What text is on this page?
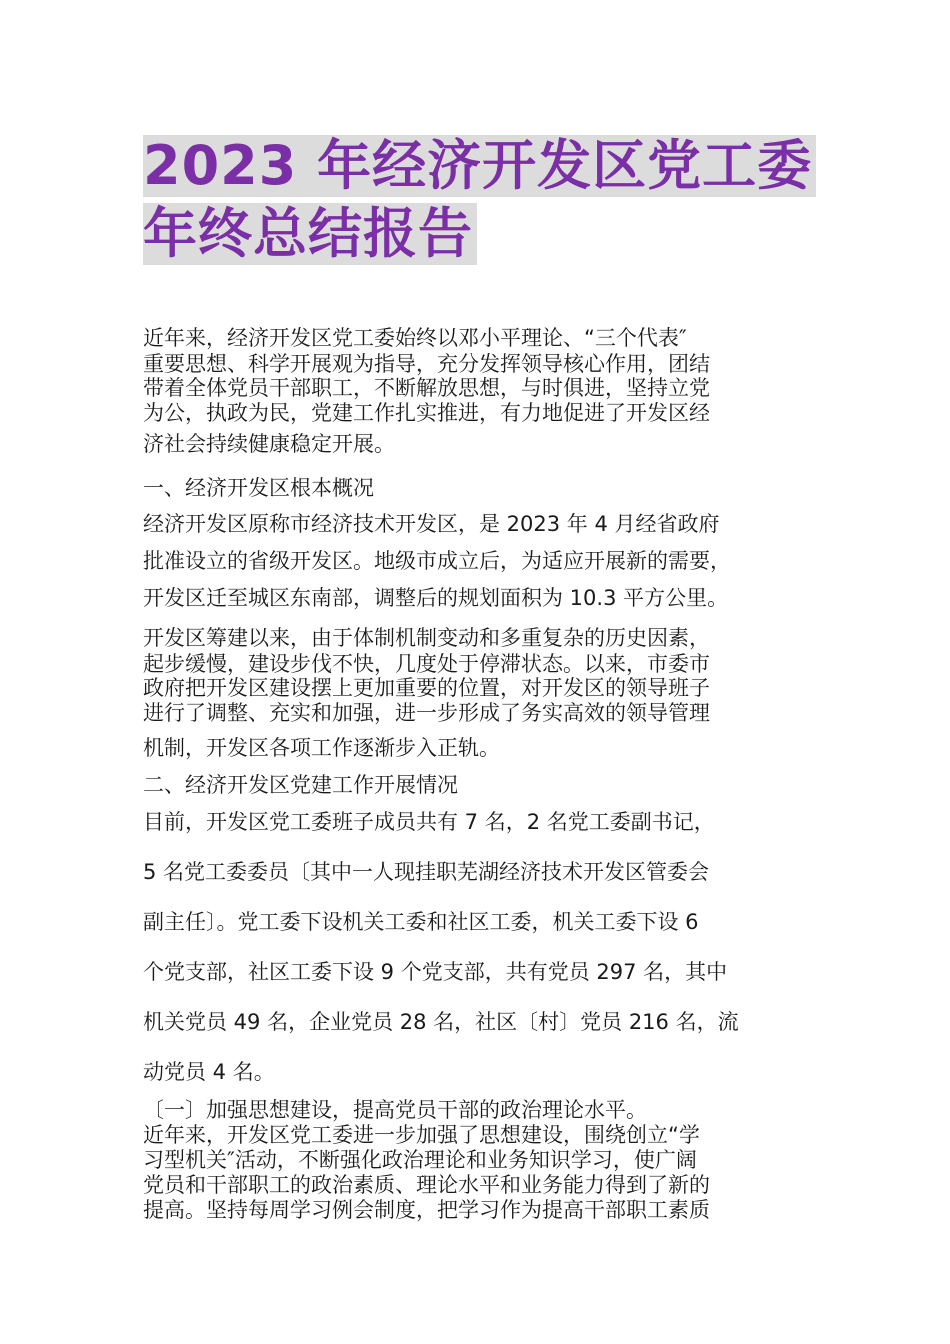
2023 年经济开发区党工委
年终总结报告
近年来，经济开发区党工委始终以邓小平理论、“三个代表″
重要思想、科学开展观为指导，充分发挥领导核心作用，团结
带着全体党员干部职工，不断解放思想，与时俱进，坚持立党
为公，执政为民，党建工作扎实推进，有力地促进了开发区经
济社会持续健康稳定开展。
一、经济开发区根本概况
经济开发区原称市经济技术开发区，是 2023 年 4 月经省政府
批准设立的省级开发区。地级市成立后，为适应开展新的需要，
开发区迁至城区东南部，调整后的规划面积为 10.3 平方公里。
开发区筹建以来，由于体制机制变动和多重复杂的历史因素，
起步缓慢，建设步伐不快，几度处于停滞状态。以来，市委市
政府把开发区建设摆上更加重要的位置，对开发区的领导班子
进行了调整、充实和加强，进一步形成了务实高效的领导管理
机制，开发区各项工作逐渐步入正轨。
二、经济开发区党建工作开展情况
目前，开发区党工委班子成员共有 7 名，2 名党工委副书记，
5 名党工委委员〔其中一人现挂职芜湖经济技术开发区管委会
副主任〕。党工委下设机关工委和社区工委，机关工委下设 6
个党支部，社区工委下设 9 个党支部，共有党员 297 名，其中
机关党员 49 名，企业党员 28 名，社区〔村〕党员 216 名，流
动党员 4 名。
〔一〕加强思想建设，提高党员干部的政治理论水平。
近年来，开发区党工委进一步加强了思想建设，围绕创立“学
习型机关″活动，不断强化政治理论和业务知识学习，使广阔
党员和干部职工的政治素质、理论水平和业务能力得到了新的
提高。坚持每周学习例会制度，把学习作为提高干部职工素质
